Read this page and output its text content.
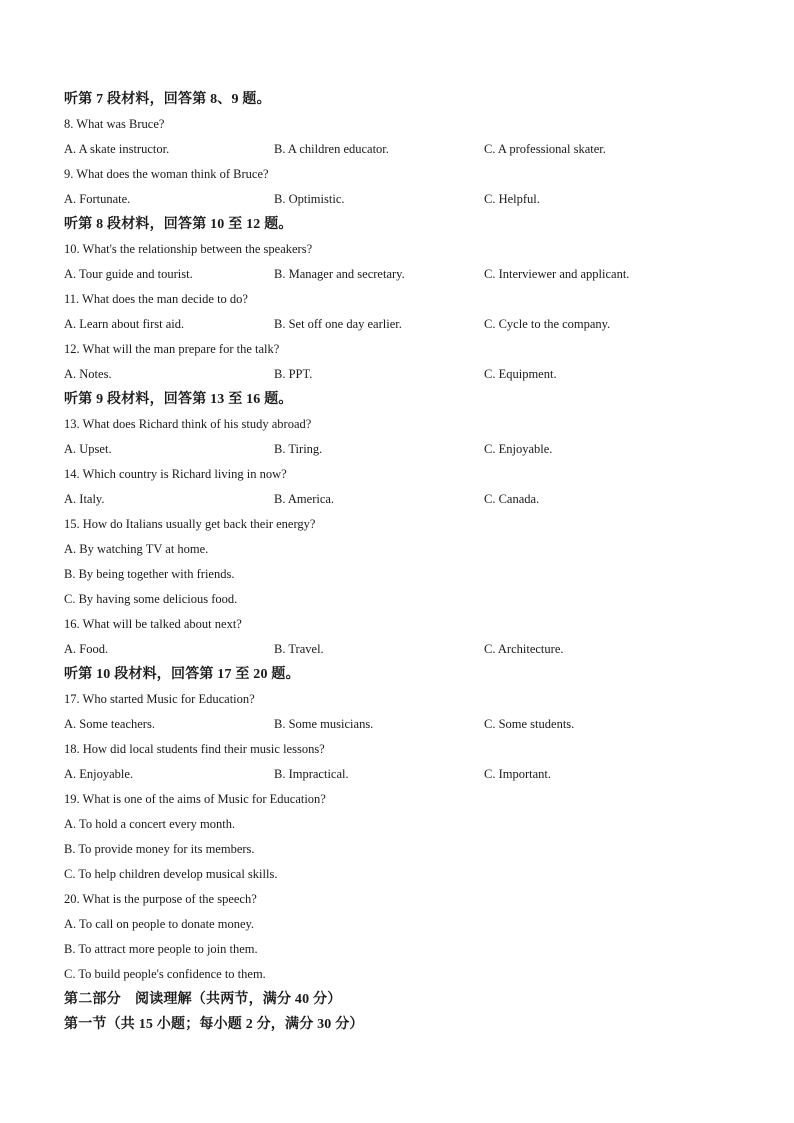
听第 7 段材料，回答第 8、9 题。
8. What was Bruce?
A. A skate instructor.	B. A children educator.	C. A professional skater.
9. What does the woman think of Bruce?
A. Fortunate.	B. Optimistic.	C. Helpful.
听第 8 段材料，回答第 10 至 12 题。
10. What's the relationship between the speakers?
A. Tour guide and tourist.	B. Manager and secretary.	C. Interviewer and applicant.
11. What does the man decide to do?
A. Learn about first aid.	B. Set off one day earlier.	C. Cycle to the company.
12. What will the man prepare for the talk?
A. Notes.	B. PPT.	C. Equipment.
听第 9 段材料，回答第 13 至 16 题。
13. What does Richard think of his study abroad?
A. Upset.	B. Tiring.	C. Enjoyable.
14. Which country is Richard living in now?
A. Italy.	B. America.	C. Canada.
15. How do Italians usually get back their energy?
A. By watching TV at home.
B. By being together with friends.
C. By having some delicious food.
16. What will be talked about next?
A. Food.	B. Travel.	C. Architecture.
听第 10 段材料，回答第 17 至 20 题。
17. Who started Music for Education?
A. Some teachers.	B. Some musicians.	C. Some students.
18. How did local students find their music lessons?
A. Enjoyable.	B. Impractical.	C. Important.
19. What is one of the aims of Music for Education?
A. To hold a concert every month.
B. To provide money for its members.
C. To help children develop musical skills.
20. What is the purpose of the speech?
A. To call on people to donate money.
B. To attract more people to join them.
C. To build people's confidence to them.
第二部分　阅读理解（共两节，满分 40 分）
第一节（共 15 小题；每小题 2 分，满分 30 分）
